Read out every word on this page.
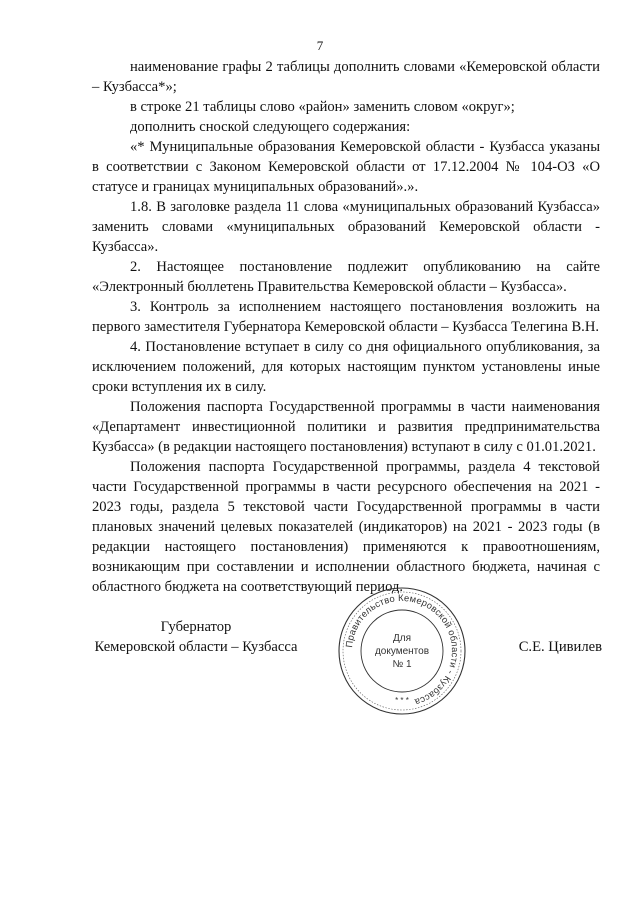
7

наименование графы 2 таблицы дополнить словами «Кемеровской области – Кузбасса*»;

в строке 21 таблицы слово «район» заменить словом «округ»;

дополнить сноской следующего содержания:

«* Муниципальные образования Кемеровской области - Кузбасса указаны в соответствии с Законом Кемеровской области от 17.12.2004 № 104-ОЗ «О статусе и границах муниципальных образований».».

1.8. В заголовке раздела 11 слова «муниципальных образований Кузбасса» заменить словами «муниципальных образований Кемеровской области - Кузбасса».

2. Настоящее постановление подлежит опубликованию на сайте «Электронный бюллетень Правительства Кемеровской области – Кузбасса».

3. Контроль за исполнением настоящего постановления возложить на первого заместителя Губернатора Кемеровской области – Кузбасса Телегина В.Н.

4. Постановление вступает в силу со дня официального опубликования, за исключением положений, для которых настоящим пунктом установлены иные сроки вступления их в силу.

Положения паспорта Государственной программы в части наименования «Департамент инвестиционной политики и развития предпринимательства Кузбасса» (в редакции настоящего постановления) вступают в силу с 01.01.2021.

Положения паспорта Государственной программы, раздела 4 текстовой части Государственной программы в части ресурсного обеспечения на 2021 - 2023 годы, раздела 5 текстовой части Государственной программы в части плановых значений целевых показателей (индикаторов) на 2021 - 2023 годы (в редакции настоящего постановления) применяются к правоотношениям, возникающим при составлении и исполнении областного бюджета, начиная с областного бюджета на соответствующий период.

Губернатор
Кемеровской области – Кузбасса	Правительство Кемеровской области - Кузбасса
Для
документов
№ 1
* * *
С.Е. Цивилев
